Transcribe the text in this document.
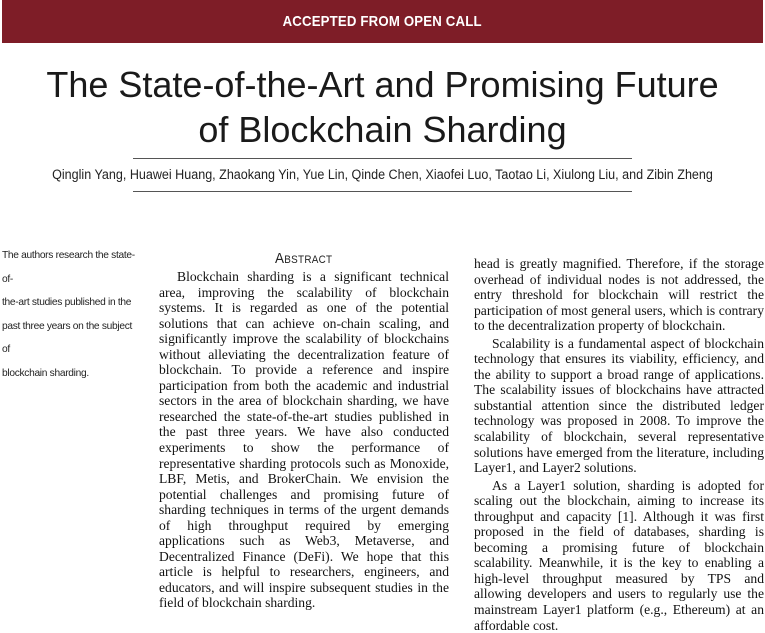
ACCEPTED FROM OPEN CALL
The State-of-the-Art and Promising Future
of Blockchain Sharding
Qinglin Yang, Huawei Huang, Zhaokang Yin, Yue Lin, Qinde Chen, Xiaofei Luo, Taotao Li, Xiulong Liu, and Zibin Zheng
The authors research the state-of-
the-art studies published in the
past three years on the subject of
blockchain sharding.
Abstract

Blockchain sharding is a significant technical area, improving the scalability of blockchain systems. It is regarded as one of the potential solutions that can achieve on-chain scaling, and significantly improve the scalability of blockchains without alleviating the decentralization feature of blockchain. To provide a reference and inspire participation from both the academic and industrial sectors in the area of blockchain sharding, we have researched the state-of-the-art studies published in the past three years. We have also conducted experiments to show the performance of representative sharding protocols such as Monoxide, LBF, Metis, and BrokerChain. We envision the potential challenges and promising future of sharding techniques in terms of the urgent demands of high throughput required by emerging applications such as Web3, Metaverse, and Decentralized Finance (DeFi). We hope that this article is helpful to researchers, engineers, and educators, and will inspire subsequent studies in the field of blockchain sharding.

head is greatly magnified. Therefore, if the storage overhead of individual nodes is not addressed, the entry threshold for blockchain will restrict the participation of most general users, which is contrary to the decentralization property of blockchain.

Scalability is a fundamental aspect of blockchain technology that ensures its viability, efficiency, and the ability to support a broad range of applications. The scalability issues of blockchains have attracted substantial attention since the distributed ledger technology was proposed in 2008. To improve the scalability of blockchain, several representative solutions have emerged from the literature, including Layer1, and Layer2 solutions.

As a Layer1 solution, sharding is adopted for scaling out the blockchain, aiming to increase its throughput and capacity [1]. Although it was first proposed in the field of databases, sharding is becoming a promising future of blockchain scalability. Meanwhile, it is the key to enabling a high-level throughput measured by TPS and allowing developers and users to regularly use the mainstream Layer1 platform (e.g., Ethereum) at an affordable cost.
